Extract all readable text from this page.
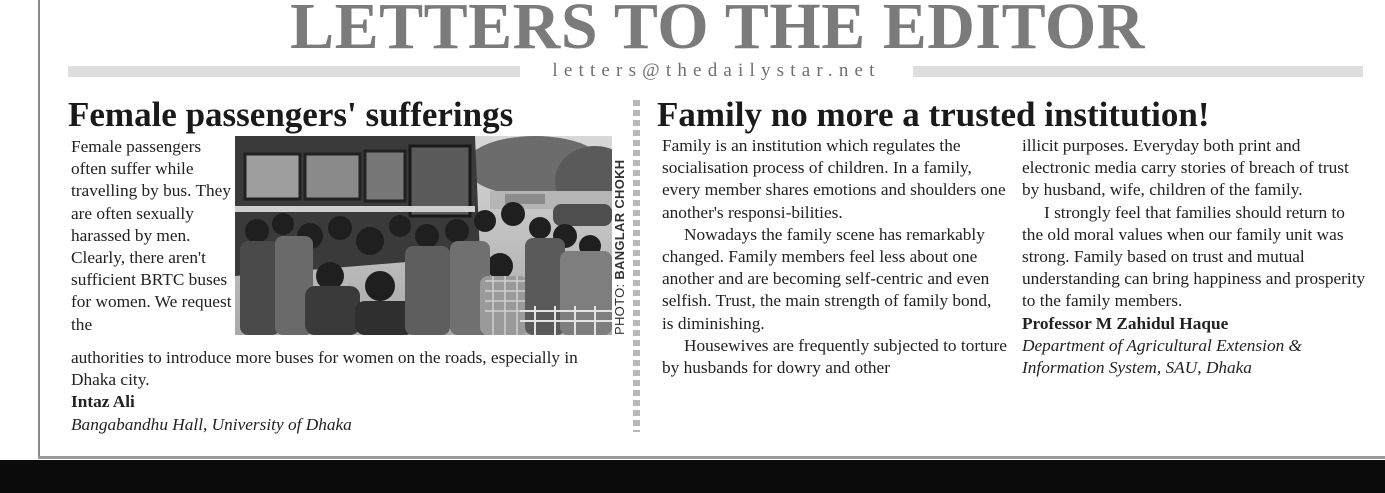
LETTERS TO THE EDITOR
letters@thedailystar.net
Female passengers' sufferings

Female passengers often suffer while travelling by bus. They are often sexually harassed by men. Clearly, there aren't sufficient BRTC buses for women. We request the

authorities to introduce more buses for women on the roads, especially in Dhaka city.

Intaz Ali

Bangabandhu Hall, University of Dhaka

PHOTO: BANGLAR CHOKH
Family no more a trusted institution!

Family is an institution which regulates the socialisation process of children. In a family, every member shares emotions and shoulders one another's responsi-bilities.

Nowadays the family scene has remarkably changed. Family members feel less about one another and are becoming self-centric and even selfish. Trust, the main strength of family bond, is diminishing.

Housewives are frequently subjected to torture by husbands for dowry and other

illicit purposes. Everyday both print and electronic media carry stories of breach of trust by husband, wife, children of the family.

I strongly feel that families should return to the old moral values when our family unit was strong. Family based on trust and mutual understanding can bring happiness and prosperity to the family members.

Professor M Zahidul Haque

Department of Agricultural Extension & Information System, SAU, Dhaka
